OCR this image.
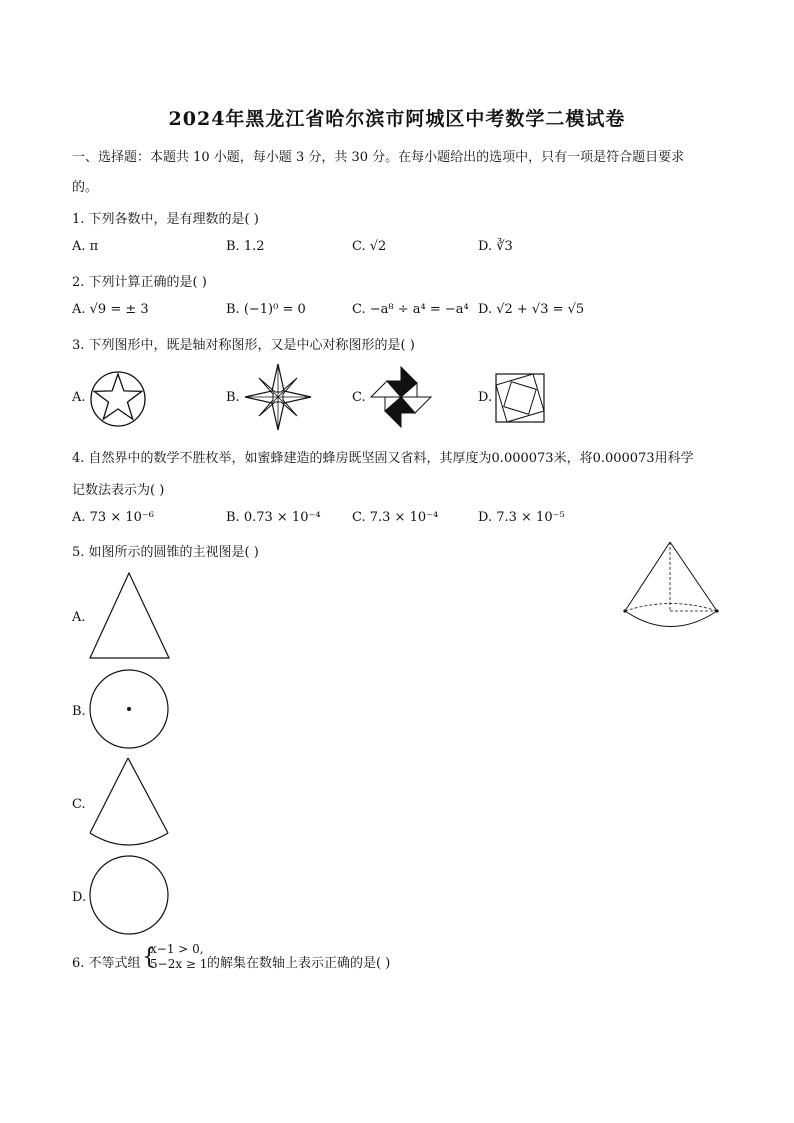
2024年黑龙江省哈尔滨市阿城区中考数学二模试卷
一、选择题：本题共 10 小题，每小题 3 分，共 30 分。在每小题给出的选项中，只有一项是符合题目要求
的。
1. 下列各数中，是有理数的是( )
A. π	B. 1.2	C. √2	D. ∛3
2. 下列计算正确的是( )
A. √9 = ± 3	B. (−1)⁰ = 0	C. −a⁸ ÷ a⁴ = −a⁴ D. √2 + √3 = √5
3. 下列图形中，既是轴对称图形，又是中心对称图形的是( )
A.	B.	C.	D.
4. 自然界中的数学不胜枚举，如蜜蜂建造的蜂房既坚固又省料，其厚度为0.000073米，将0.000073用科学
记数法表示为( )
A. 73 × 10⁻⁶	B. 0.73 × 10⁻⁴ C. 7.3 × 10⁻⁴	D. 7.3 × 10⁻⁵
5. 如图所示的圆锥的主视图是( )
A.
B.
C.
D.
6. 不等式组 {
x−1 > 0,
5−2x ≥ 1 的解集在数轴上表示正确的是( )
